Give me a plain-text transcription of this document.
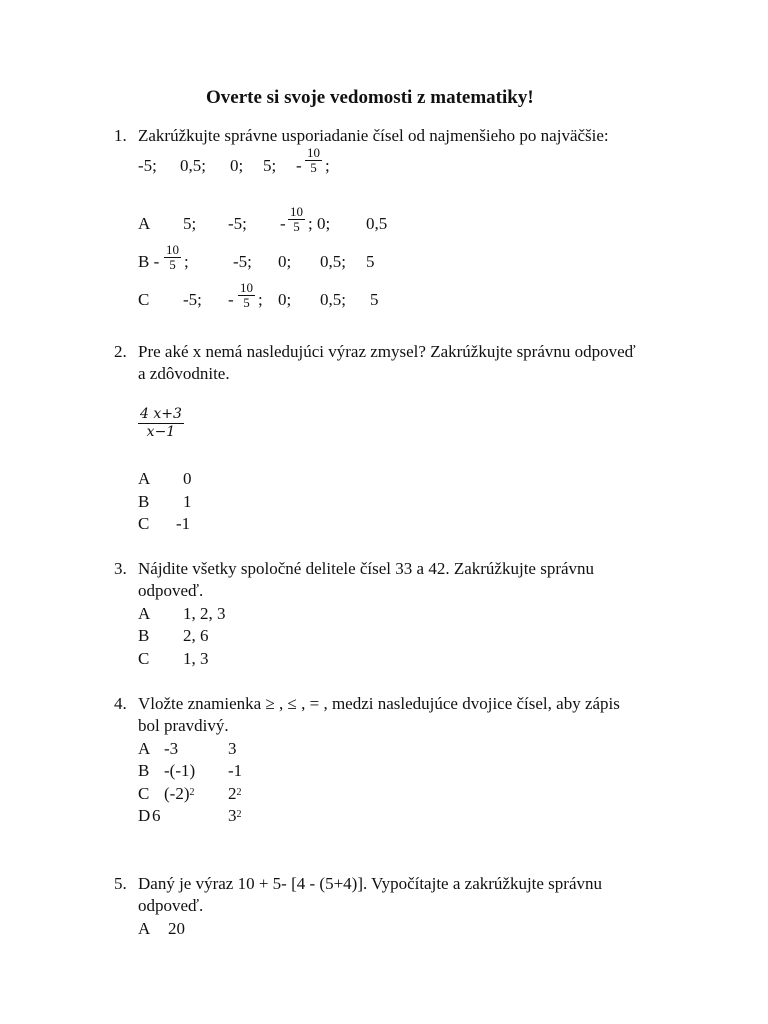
Overte si svoje vedomosti z matematiky!
1. Zakrúžkujte správne usporiadanie čísel od najmenšieho po najväčšie:
-5; 0,5; 0; 5; - $\frac{10}{5}$ ;
A 5; -5; - $\frac{10}{5}$ ; 0; 0,5
B - $\frac{10}{5}$ ;	-5; 0; 0,5; 5
C -5; - $\frac{10}{5}$ ; 0; 0,5; 5
2. Pre aké x nemá nasledujúci výraz zmysel? Zakrúžkujte správnu odpoveď
a zdôvodnite.
$\frac{4 x+3}{x-1}$
A 0
B 1
C -1
3. Nájdite všetky spoločné delitele čísel 33 a 42. Zakrúžkujte správnu
odpoveď.
A 1, 2, 3
B 2, 6
C 1, 3
4. Vložte znamienka ≥ , ≤ , = , medzi nasledujúce dvojice čísel, aby zápis
bol pravdivý.
A -3	3
B -(-1) -1
C $(-2)^2$ $2^2$
D 6	$3^2$
5. Daný je výraz 10 + 5- [4 - (5+4)]. Vypočítajte a zakrúžkujte správnu
odpoveď.
A 20
